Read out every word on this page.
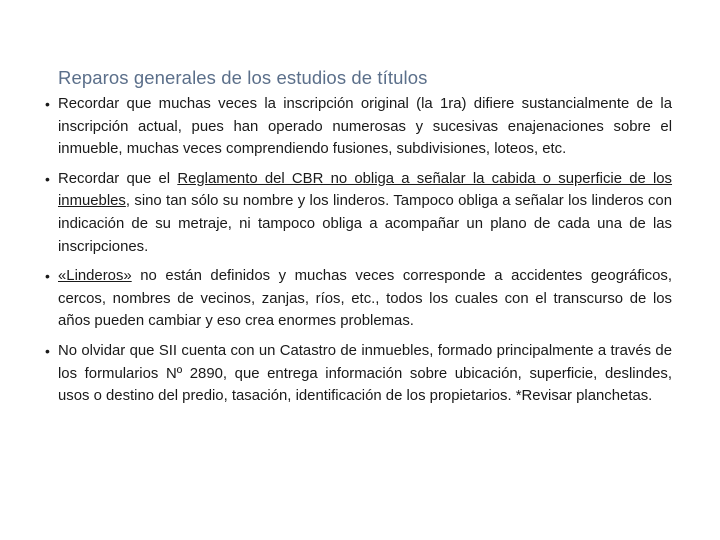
Reparos generales de los estudios de títulos
• Recordar que muchas veces la inscripción original (la 1ra) difiere sustancialmente de la inscripción actual, pues han operado numerosas y sucesivas enajenaciones sobre el inmueble, muchas veces comprendiendo fusiones, subdivisiones, loteos, etc.
• Recordar que el Reglamento del CBR no obliga a señalar la cabida o superficie de los inmuebles, sino tan sólo su nombre y los linderos. Tampoco obliga a señalar los linderos con indicación de su metraje, ni tampoco obliga a acompañar un plano de cada una de las inscripciones.
• «Linderos» no están definidos y muchas veces corresponde a accidentes geográficos, cercos, nombres de vecinos, zanjas, ríos, etc., todos los cuales con el transcurso de los años pueden cambiar y eso crea enormes problemas.
• No olvidar que SII cuenta con un Catastro de inmuebles, formado principalmente a través de los formularios Nº 2890, que entrega información sobre ubicación, superficie, deslindes, usos o destino del predio, tasación, identificación de los propietarios. *Revisar planchetas.
